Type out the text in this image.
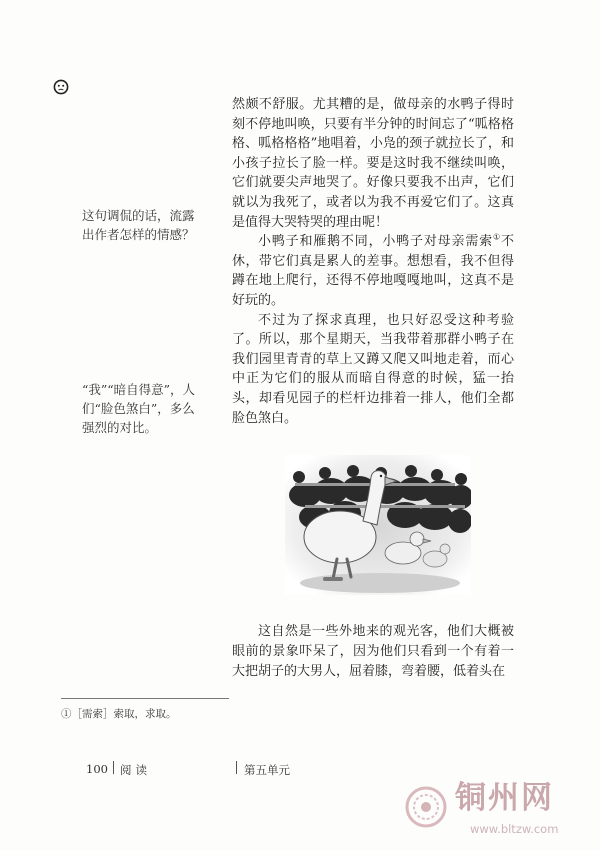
这句调侃的话，流露出作者怎样的情感？
“我”“暗自得意”，人们“脸色煞白”，多么强烈的对比。

然颇不舒服。尤其糟的是，做母亲的水鸭子得时刻不停地叫唤，只要有半分钟的时间忘了“呱格格格、呱格格格”地唱着，小凫的颈子就拉长了，和小孩子拉长了脸一样。要是这时我不继续叫唤，它们就要尖声地哭了。好像只要我不出声，它们就以为我死了，或者以为我不再爱它们了。这真是值得大哭特哭的理由呢！

小鸭子和雁鹅不同，小鸭子对母亲需索①不休，带它们真是累人的差事。想想看，我不但得蹲在地上爬行，还得不停地嘎嘎地叫，这真不是好玩的。

不过为了探求真理，也只好忍受这种考验了。所以，那个星期天，当我带着那群小鸭子在我们园里青青的草上又蹲又爬又叫地走着，而心中正为它们的服从而暗自得意的时候，猛一抬头，却看见园子的栏杆边排着一排人，他们全都脸色煞白。

这自然是一些外地来的观光客，他们大概被眼前的景象吓呆了，因为他们只看到一个有着一大把胡子的大男人，屈着膝，弯着腰，低着头在

①［需索］索取，求取。
100 阅读	第五单元
铜州网
www.bltzw.com
